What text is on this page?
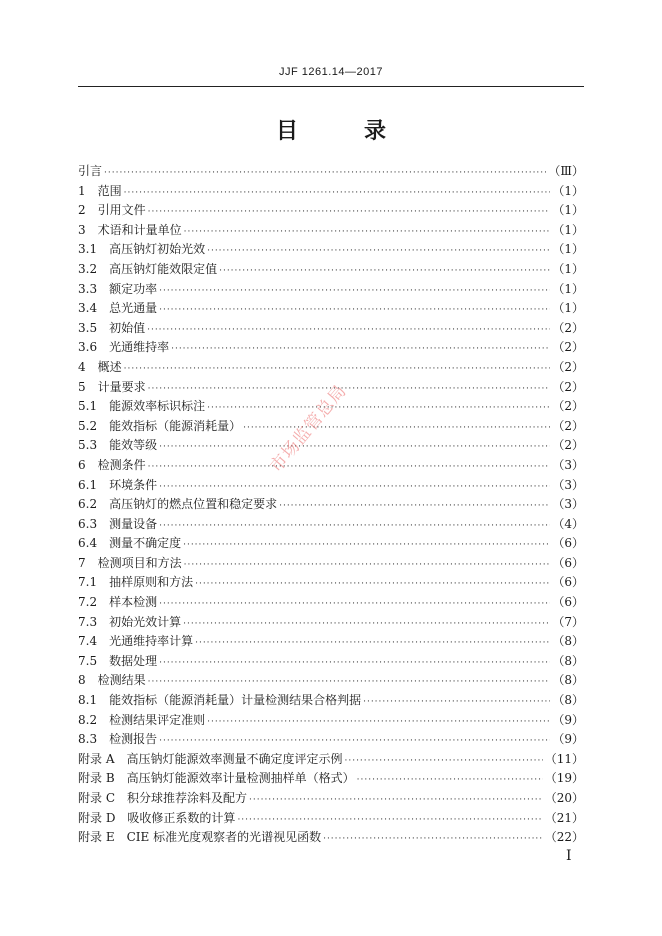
JJF 1261.14—2017
目　录
引言 ·····	（Ⅲ）
1　范围 ·····	（1）
2　引用文件 ·····	（1）
3　术语和计量单位 ·····	（1）
3.1　高压钠灯初始光效 ·····	（1）
3.2　高压钠灯能效限定值 ·····	（1）
3.3　额定功率 ·····	（1）
3.4　总光通量 ·····	（1）
3.5　初始值 ·····	（2）
3.6　光通维持率 ·····	（2）
4　概述 ·····	（2）
5　计量要求 ·····	（2）
5.1　能源效率标识标注 ·····	（2）
5.2　能效指标（能源消耗量） ·····	（2）
5.3　能效等级 ·····	（2）
6　检测条件 ·····	（3）
6.1　环境条件 ·····	（3）
6.2　高压钠灯的燃点位置和稳定要求 ·····	（3）
6.3　测量设备 ·····	（4）
6.4　测量不确定度 ·····	（6）
7　检测项目和方法 ·····	（6）
7.1　抽样原则和方法 ·····	（6）
7.2　样本检测 ·····	（6）
7.3　初始光效计算 ·····	（7）
7.4　光通维持率计算 ·····	（8）
7.5　数据处理 ·····	（8）
8　检测结果 ·····	（8）
8.1　能效指标（能源消耗量）计量检测结果合格判据 ·····	（8）
8.2　检测结果评定准则 ·····	（9）
8.3　检测报告 ·····	（9）
附录 A　高压钠灯能源效率测量不确定度评定示例 ·····	（11）
附录 B　高压钠灯能源效率计量检测抽样单（格式） ·····	（19）
附录 C　积分球推荐涂料及配方 ·····	（20）
附录 D　吸收修正系数的计算 ·····	（21）
附录 E　CIE 标准光度观察者的光谱视见函数 ·····	（22）
市场监管总局
Ⅰ
